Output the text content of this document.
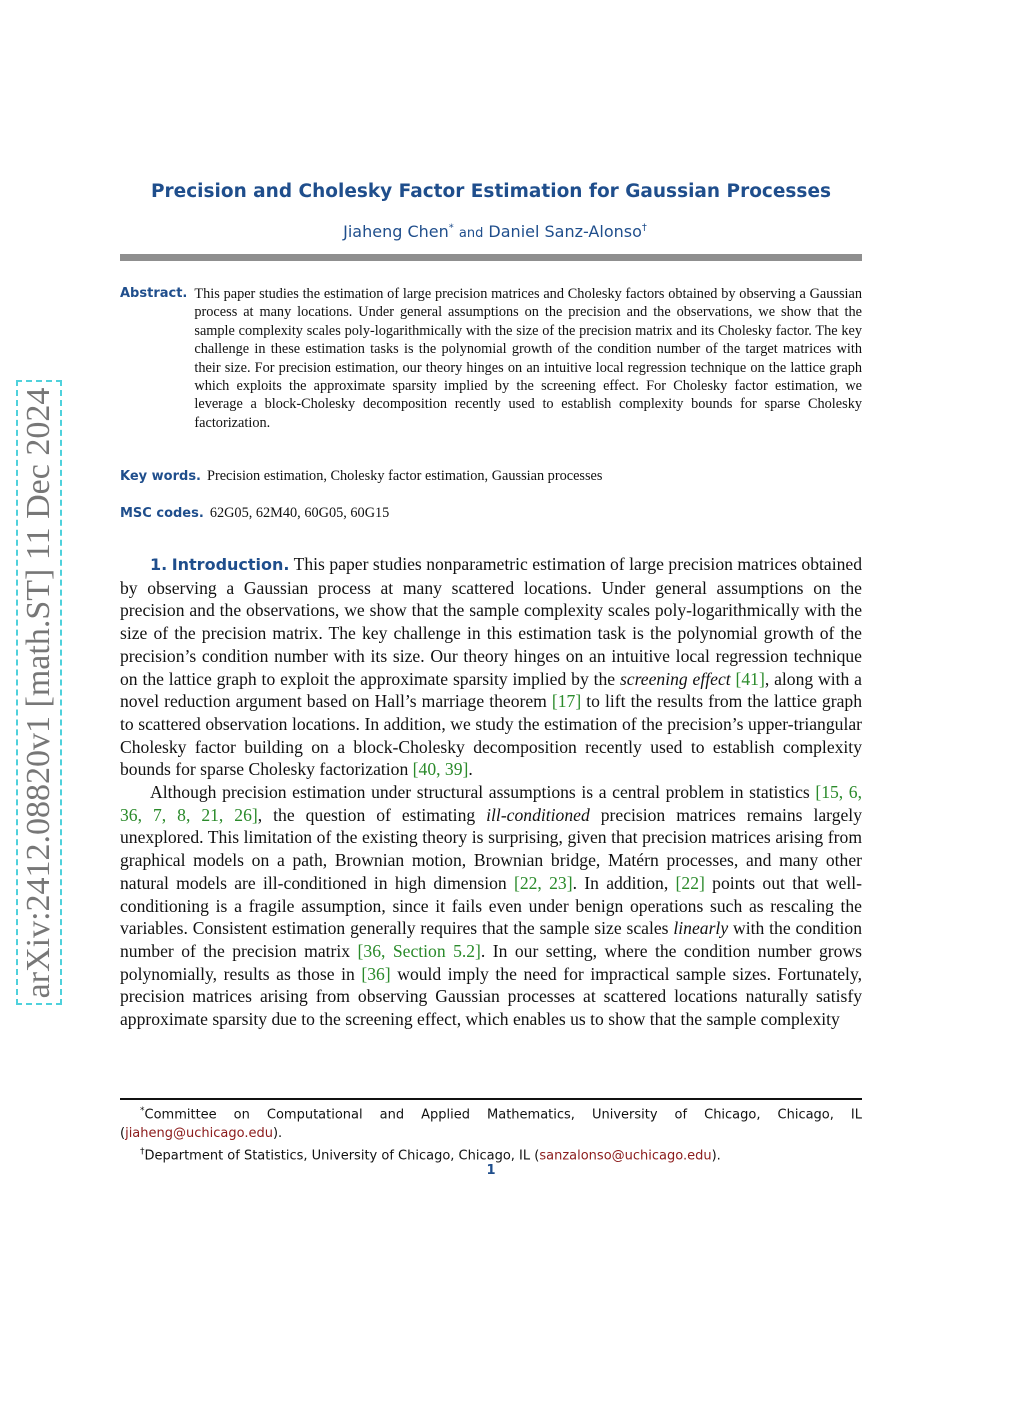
arXiv:2412.08820v1 [math.ST] 11 Dec 2024
Precision and Cholesky Factor Estimation for Gaussian Processes
Jiaheng Chen* and Daniel Sanz-Alonso†
Abstract. This paper studies the estimation of large precision matrices and Cholesky factors obtained by observing a Gaussian process at many locations. Under general assumptions on the precision and the observations, we show that the sample complexity scales poly-logarithmically with the size of the precision matrix and its Cholesky factor. The key challenge in these estimation tasks is the polynomial growth of the condition number of the target matrices with their size. For precision estimation, our theory hinges on an intuitive local regression technique on the lattice graph which exploits the approximate sparsity implied by the screening effect. For Cholesky factor estimation, we leverage a block-Cholesky decomposition recently used to establish complexity bounds for sparse Cholesky factorization.
Key words. Precision estimation, Cholesky factor estimation, Gaussian processes
MSC codes. 62G05, 62M40, 60G05, 60G15

1. Introduction. This paper studies nonparametric estimation of large precision matrices obtained by observing a Gaussian process at many scattered locations. Under general assumptions on the precision and the observations, we show that the sample complexity scales poly-logarithmically with the size of the precision matrix. The key challenge in this estimation task is the polynomial growth of the precision’s condition number with its size. Our theory hinges on an intuitive local regression technique on the lattice graph to exploit the approximate sparsity implied by the screening effect [41], along with a novel reduction argument based on Hall’s marriage theorem [17] to lift the results from the lattice graph to scattered observation locations. In addition, we study the estimation of the precision’s upper-triangular Cholesky factor building on a block-Cholesky decomposition recently used to establish complexity bounds for sparse Cholesky factorization [40, 39].

Although precision estimation under structural assumptions is a central problem in statistics [15, 6, 36, 7, 8, 21, 26], the question of estimating ill-conditioned precision matrices remains largely unexplored. This limitation of the existing theory is surprising, given that precision matrices arising from graphical models on a path, Brownian motion, Brownian bridge, Matérn processes, and many other natural models are ill-conditioned in high dimension [22, 23]. In addition, [22] points out that well-conditioning is a fragile assumption, since it fails even under benign operations such as rescaling the variables. Consistent estimation generally requires that the sample size scales linearly with the condition number of the precision matrix [36, Section 5.2]. In our setting, where the condition number grows polynomially, results as those in [36] would imply the need for impractical sample sizes. Fortunately, precision matrices arising from observing Gaussian processes at scattered locations naturally satisfy approximate sparsity due to the screening effect, which enables us to show that the sample complexity

*Committee on Computational and Applied Mathematics, University of Chicago, Chicago, IL (jiaheng@uchicago.edu).

†Department of Statistics, University of Chicago, Chicago, IL (sanzalonso@uchicago.edu).

1
